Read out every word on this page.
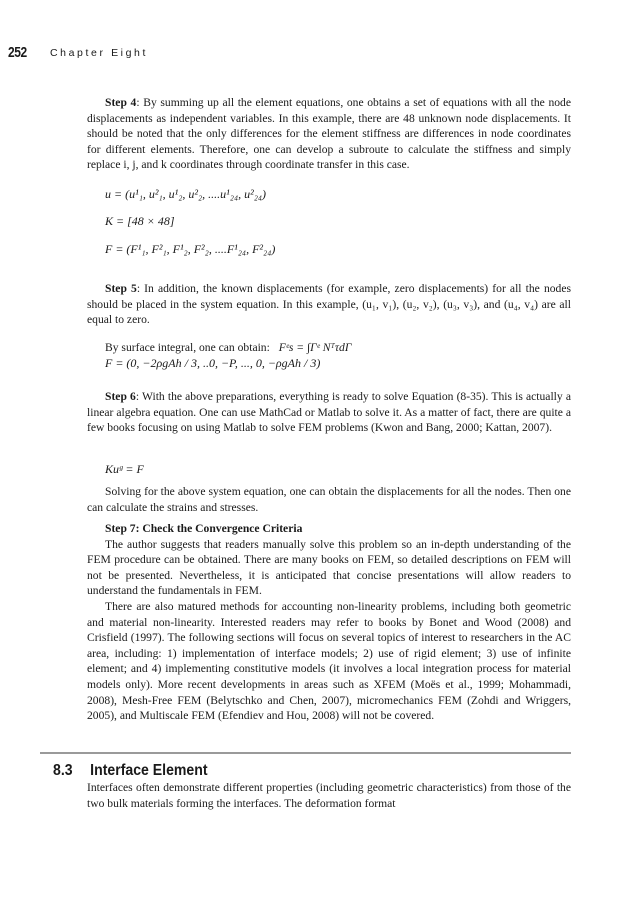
252 Chapter Eight

Step 4: By summing up all the element equations, one obtains a set of equations with all the node displacements as independent variables. In this example, there are 48 unknown node displacements. It should be noted that the only differences for the element stiffness are differences in node coordinates for different elements. Therefore, one can develop a subroute to calculate the stiffness and simply replace i, j, and k coordinates through coordinate transfer in this case.

u = (u¹₁, u²₁, u¹₂, u²₂, ....u¹₂₄, u²₂₄)
K = [48 × 48]
F = (F¹₁, F²₁, F¹₂, F²₂, ....F¹₂₄, F²₂₄)

Step 5: In addition, the known displacements (for example, zero displacements) for all the nodes should be placed in the system equation. In this example, (u₁, v₁), (u₂, v₂), (u₃, v₃), and (u₄, v₄) are all equal to zero.

By surface integral, one can obtain: Fᵉs = ∫Γᵉ NᵀτdΓ

F = (0, −2ρgAh / 3, ..0, −P, ..., 0, −ρgAh / 3)

Step 6: With the above preparations, everything is ready to solve Equation (8-35). This is actually a linear algebra equation. One can use MathCad or Matlab to solve it. As a matter of fact, there are quite a few books focusing on using Matlab to solve FEM problems (Kwon and Bang, 2000; Kattan, 2007).

Kuᵍ = F

Solving for the above system equation, one can obtain the displacements for all the nodes. Then one can calculate the strains and stresses.

Step 7: Check the Convergence Criteria

The author suggests that readers manually solve this problem so an in-depth understanding of the FEM procedure can be obtained. There are many books on FEM, so detailed descriptions on FEM will not be presented. Nevertheless, it is anticipated that concise presentations will allow readers to understand the fundamentals in FEM.

There are also matured methods for accounting non-linearity problems, including both geometric and material non-linearity. Interested readers may refer to books by Bonet and Wood (2008) and Crisfield (1997). The following sections will focus on several topics of interest to researchers in the AC area, including: 1) implementation of interface models; 2) use of rigid element; 3) use of infinite element; and 4) implementing constitutive models (it involves a local integration process for material models only). More recent developments in areas such as XFEM (Moës et al., 1999; Mohammadi, 2008), Mesh-Free FEM (Belytschko and Chen, 2007), micromechanics FEM (Zohdi and Wriggers, 2005), and Multiscale FEM (Efendiev and Hou, 2008) will not be covered.

8.3 Interface Element

Interfaces often demonstrate different properties (including geometric characteristics) from those of the two bulk materials forming the interfaces. The deformation format
